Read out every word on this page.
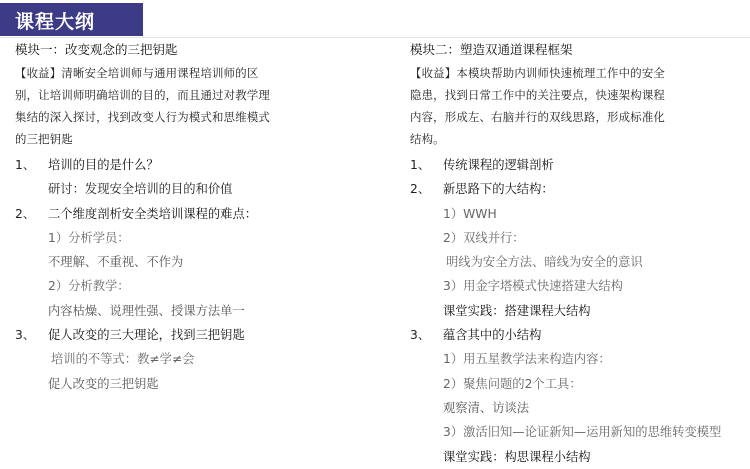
课程大纲
模块一：改变观念的三把钥匙
【收益】清晰安全培训师与通用课程培训师的区
别，让培训师明确培训的目的，而且通过对教学理
集结的深入探讨，找到改变人行为模式和思维模式
的三把钥匙
1、 培训的目的是什么？
研讨：发现安全培训的目的和价值
2、 二个维度剖析安全类培训课程的难点：
1）分析学员：
不理解、不重视、不作为
2）分析教学：
内容枯燥、说理性强、授课方法单一
3、 促人改变的三大理论，找到三把钥匙
培训的不等式：教≠学≠会
促人改变的三把钥匙
模块二：塑造双通道课程框架
【收益】本模块帮助内训师快速梳理工作中的安全
隐患，找到日常工作中的关注要点，快速架构课程
内容，形成左、右脑并行的双线思路，形成标准化
结构。
1、 传统课程的逻辑剖析
2、 新思路下的大结构：
1）WWH
2）双线并行：
明线为安全方法、暗线为安全的意识
3）用金字塔模式快速搭建大结构
课堂实践：搭建课程大结构
3、 蕴含其中的小结构
1）用五星教学法来构造内容：
2）聚焦问题的2个工具：
观察清、访谈法
3）激活旧知—论证新知—运用新知的思维转变模型
课堂实践：构思课程小结构
